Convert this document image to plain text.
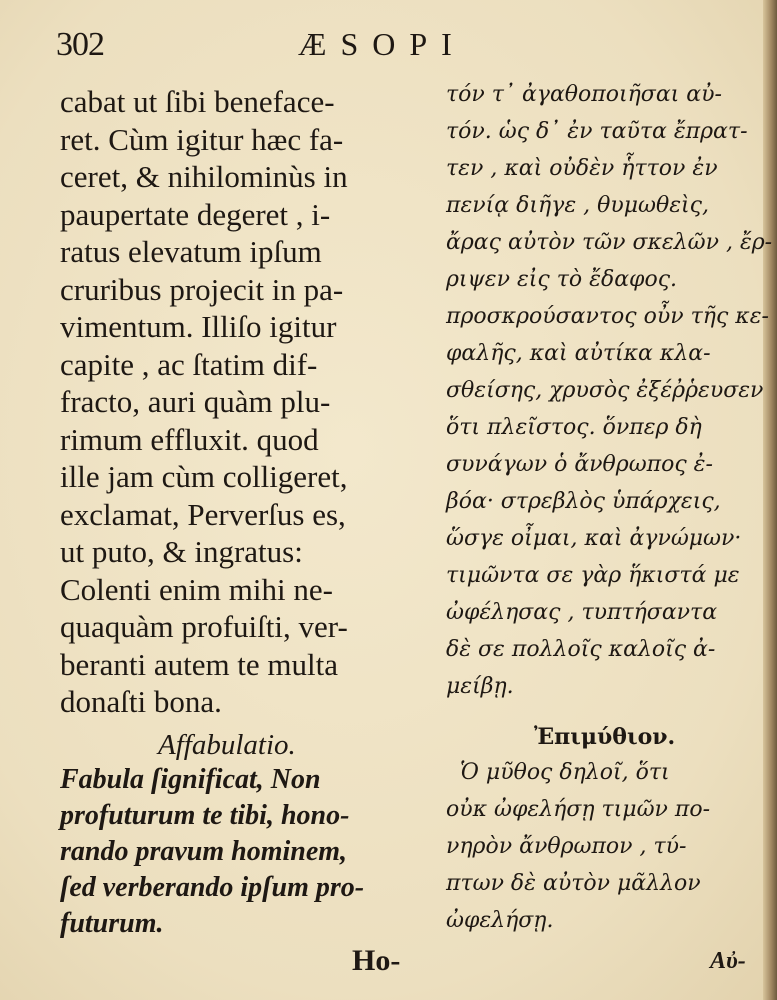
302	ÆSOPI
cabat ut ſibi beneface-
ret. Cùm igitur hæc fa-
ceret, & nihilominùs in
paupertate degeret , i-
ratus elevatum ipſum
cruribus projecit in pa-
vimentum. Illiſo igitur
capite , ac ſtatim dif-
fracto, auri quàm plu-
rimum effluxit. quod
ille jam cùm colligeret,
exclamat, Perverſus es,
ut puto, & ingratus:
Colenti enim mihi ne-
quaquàm profuiſti, ver-
beranti autem te multa
donaſti bona.
Affabulatio.
Fabula ſignificat, Non
profuturum te tibi, hono-
rando pravum hominem,
ſed verberando ipſum pro-
futurum.
Ho-
τόν τ᾽ ἀγαθοποιῆσαι αὐ-
τόν. ὡς δ᾽ ἐν ταῦτα ἔπρατ-
τεν , καὶ οὐδὲν ἧττον ἐν
πενίᾳ διῆγε , θυμωθεὶς,
ἄρας αὐτὸν τῶν σκελῶν , ἔρ-
ριψεν εἰς τὸ ἔδαφος.
προσκρούσαντος οὖν τῆς κε-
φαλῆς, καὶ αὐτίκα κλα-
σθείσης, χρυσὸς ἐξέῤῥευσεν
ὅτι πλεῖστος. ὅνπερ δὴ
συνάγων ὁ ἄνθρωπος ἐ-
βόα· στρεβλὸς ὑπάρχεις,
ὥσγε οἶμαι, καὶ ἀγνώμων·
τιμῶντα σε γὰρ ἥκιστά με
ὠφέλησας , τυπτήσαντα
δὲ σε πολλοῖς καλοῖς ἀ-
μείβῃ.
Ἐπιμύθιον.
Ὁ μῦθος δηλοῖ, ὅτι
οὐκ ὠφελήσῃ τιμῶν πο-
νηρὸν ἄνθρωπον , τύ-
πτων δὲ αὐτὸν μᾶλλον
ὠφελήσῃ.
Αὐ-
